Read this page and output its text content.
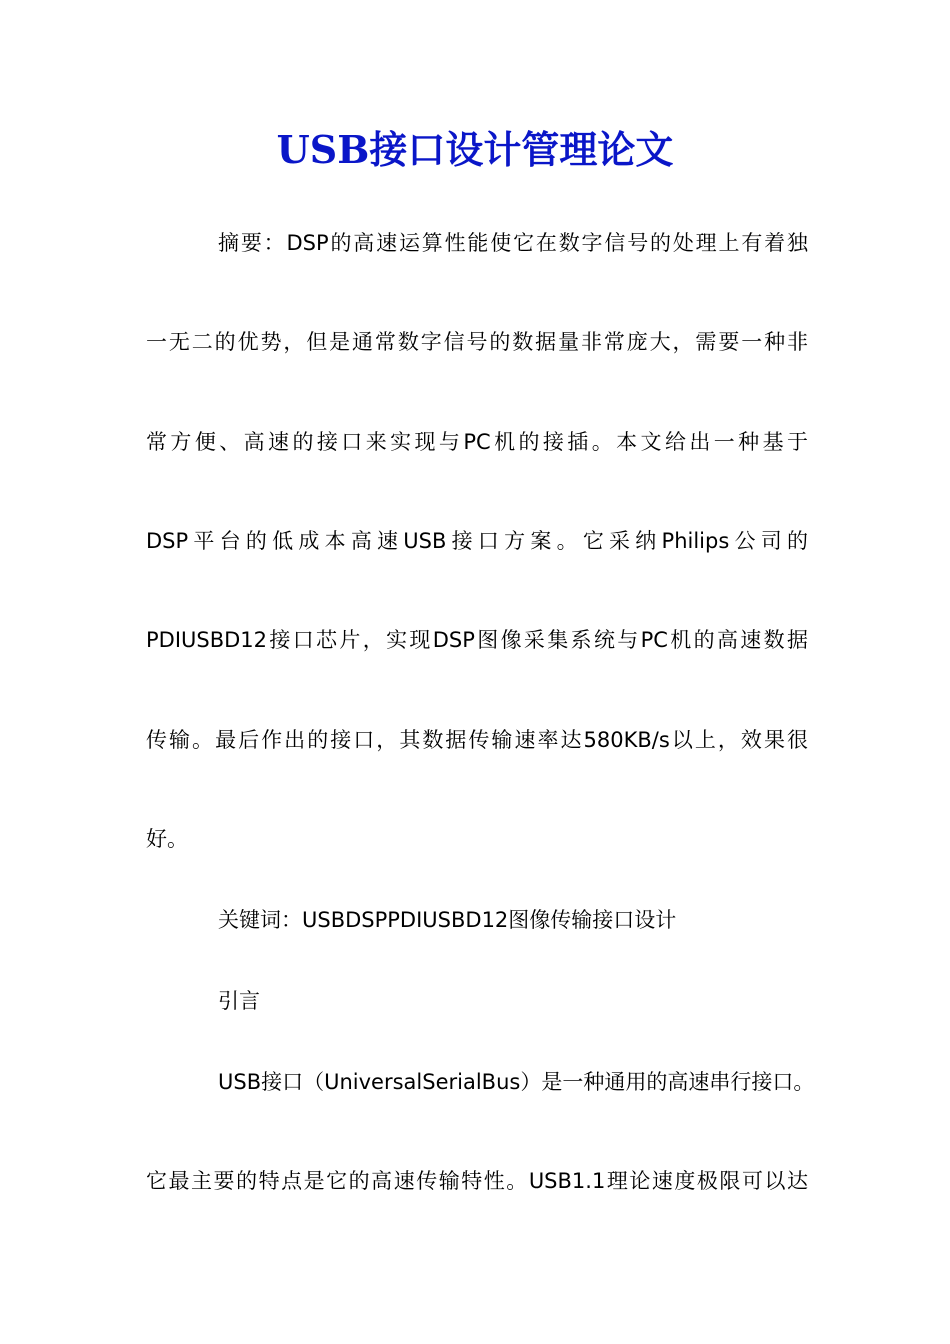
USB接口设计管理论文

摘要：DSP的高速运算性能使它在数字信号的处理上有着独

一无二的优势，但是通常数字信号的数据量非常庞大，需要一种非

常方便、高速的接口来实现与PC机的接插。本文给出一种基于

DSP平台的低成本高速USB接口方案。它采纳Philips公司的

PDIUSBD12接口芯片，实现DSP图像采集系统与PC机的高速数据

传输。最后作出的接口，其数据传输速率达580KB/s以上，效果很

好。

关键词：USBDSPPDIUSBD12图像传输接口设计

引言

USB接口（UniversalSerialBus）是一种通用的高速串行接口。

它最主要的特点是它的高速传输特性。USB1.1理论速度极限可以达
